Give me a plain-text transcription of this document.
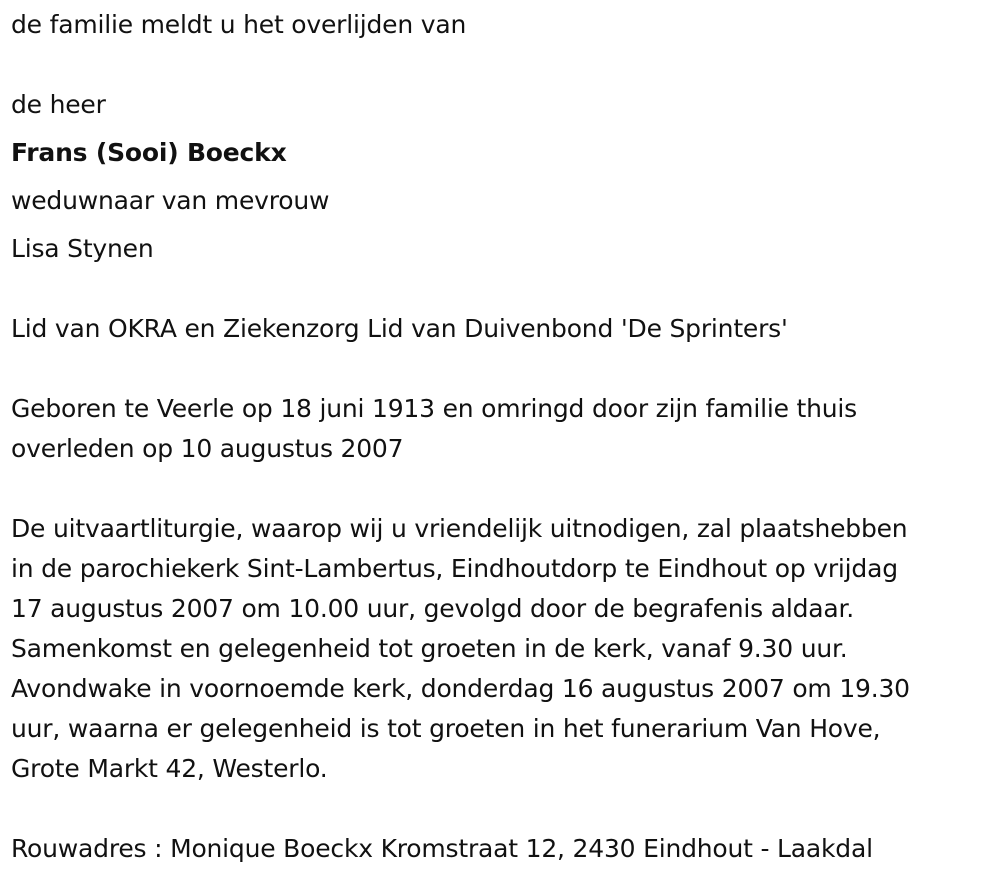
de familie meldt u het overlijden van
de heer
Frans (Sooi) Boeckx
weduwnaar van mevrouw
Lisa Stynen
Lid van OKRA en Ziekenzorg Lid van Duivenbond 'De Sprinters'
Geboren te Veerle op 18 juni 1913 en omringd door zijn familie thuis
overleden op 10 augustus 2007
De uitvaartliturgie, waarop wij u vriendelijk uitnodigen, zal plaatshebben
in de parochiekerk Sint-Lambertus, Eindhoutdorp te Eindhout op vrijdag
17 augustus 2007 om 10.00 uur, gevolgd door de begrafenis aldaar.
Samenkomst en gelegenheid tot groeten in de kerk, vanaf 9.30 uur.
Avondwake in voornoemde kerk, donderdag 16 augustus 2007 om 19.30
uur, waarna er gelegenheid is tot groeten in het funerarium Van Hove,
Grote Markt 42, Westerlo.
Rouwadres : Monique Boeckx Kromstraat 12, 2430 Eindhout - Laakdal
